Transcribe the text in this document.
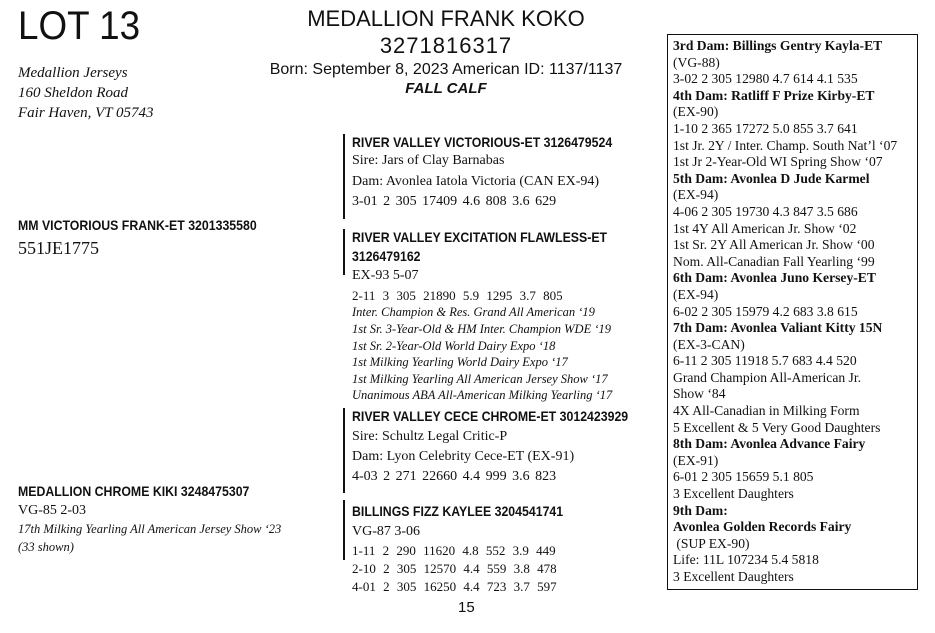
LOT 13	MEDALLION FRANK KOKO
3271816317
Born: September 8, 2023 American ID: 1137/1137
FALL CALF
Medallion Jerseys
160 Sheldon Road
Fair Haven, VT 05743
MM VICTORIOUS FRANK-ET 3201335580
551JE1775
MEDALLION CHROME KIKI 3248475307
VG-85 2-03
17th Milking Yearling All American Jersey Show ‘23
(33 shown)
RIVER VALLEY VICTORIOUS-ET 3126479524
Sire: Jars of Clay Barnabas
Dam: Avonlea Iatola Victoria (CAN EX-94)
3-01 2 305 17409 4.6 808 3.6 629
RIVER VALLEY EXCITATION FLAWLESS-ET
3126479162
EX-93 5-07
2-11 3 305 21890 5.9 1295 3.7 805
Inter. Champion & Res. Grand All American ‘19
1st Sr. 3-Year-Old & HM Inter. Champion WDE ‘19
1st Sr. 2-Year-Old World Dairy Expo ‘18
1st Milking Yearling World Dairy Expo ‘17
1st Milking Yearling All American Jersey Show ‘17
Unanimous ABA All-American Milking Yearling ‘17
RIVER VALLEY CECE CHROME-ET 3012423929
Sire: Schultz Legal Critic-P
Dam: Lyon Celebrity Cece-ET (EX-91)
4-03 2 271 22660 4.4 999 3.6 823
BILLINGS FIZZ KAYLEE 3204541741
VG-87 3-06
1-11 2 290 11620 4.8 552 3.9 449
2-10 2 305 12570 4.4 559 3.8 478
4-01 2 305 16250 4.4 723 3.7 597
3rd Dam: Billings Gentry Kayla-ET
(VG-88)
3-02 2 305 12980 4.7 614 4.1 535
4th Dam: Ratliff F Prize Kirby-ET
(EX-90)
1-10 2 365 17272 5.0 855 3.7 641
1st Jr. 2Y / Inter. Champ. South Nat’l ‘07
1st Jr 2-Year-Old WI Spring Show ‘07
5th Dam: Avonlea D Jude Karmel
(EX-94)
4-06 2 305 19730 4.3 847 3.5 686
1st 4Y All American Jr. Show ‘02
1st Sr. 2Y All American Jr. Show ‘00
Nom. All-Canadian Fall Yearling ‘99
6th Dam: Avonlea Juno Kersey-ET
(EX-94)
6-02 2 305 15979 4.2 683 3.8 615
7th Dam: Avonlea Valiant Kitty 15N
(EX-3-CAN)
6-11 2 305 11918 5.7 683 4.4 520
Grand Champion All-American Jr.
Show ‘84
4X All-Canadian in Milking Form
5 Excellent & 5 Very Good Daughters
8th Dam: Avonlea Advance Fairy
(EX-91)
6-01 2 305 15659 5.1 805
3 Excellent Daughters
9th Dam:
Avonlea Golden Records Fairy
(SUP EX-90)
Life: 11L 107234 5.4 5818
3 Excellent Daughters
15
